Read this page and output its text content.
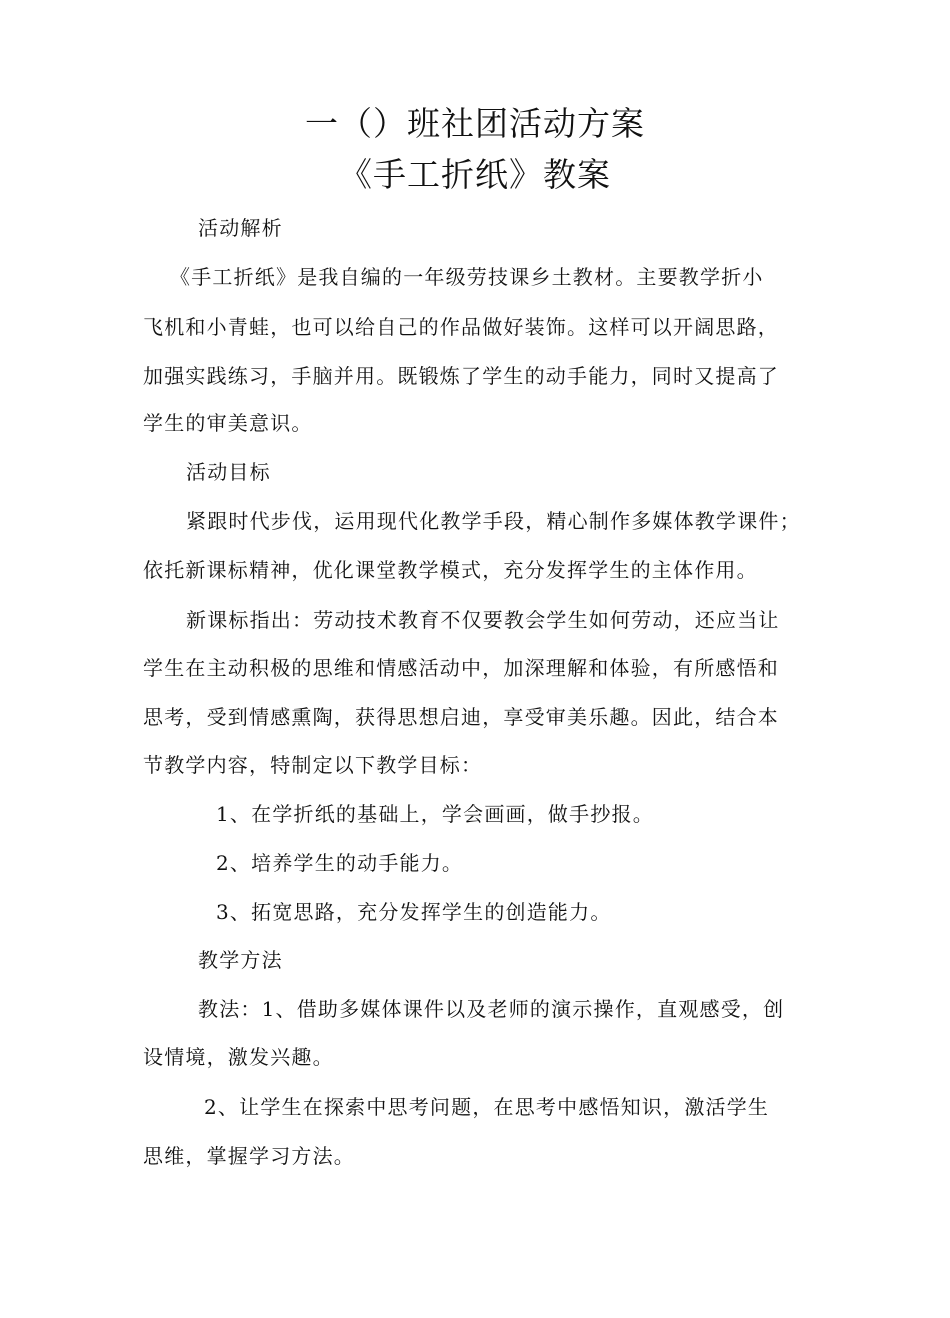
一（）班社团活动方案
《手工折纸》教案
活动解析
《手工折纸》是我自编的一年级劳技课乡土教材。主要教学折小
飞机和小青蛙，也可以给自己的作品做好装饰。这样可以开阔思路，
加强实践练习，手脑并用。既锻炼了学生的动手能力，同时又提高了
学生的审美意识。
活动目标
紧跟时代步伐，运用现代化教学手段，精心制作多媒体教学课件；
依托新课标精神，优化课堂教学模式，充分发挥学生的主体作用。
新课标指出：劳动技术教育不仅要教会学生如何劳动，还应当让
学生在主动积极的思维和情感活动中，加深理解和体验，有所感悟和
思考，受到情感熏陶，获得思想启迪，享受审美乐趣。因此，结合本
节教学内容，特制定以下教学目标：
1、在学折纸的基础上，学会画画，做手抄报。
2、培养学生的动手能力。
3、拓宽思路，充分发挥学生的创造能力。
教学方法
教法：1、借助多媒体课件以及老师的演示操作，直观感受，创
设情境，激发兴趣。
2、让学生在探索中思考问题，在思考中感悟知识，激活学生
思维，掌握学习方法。
